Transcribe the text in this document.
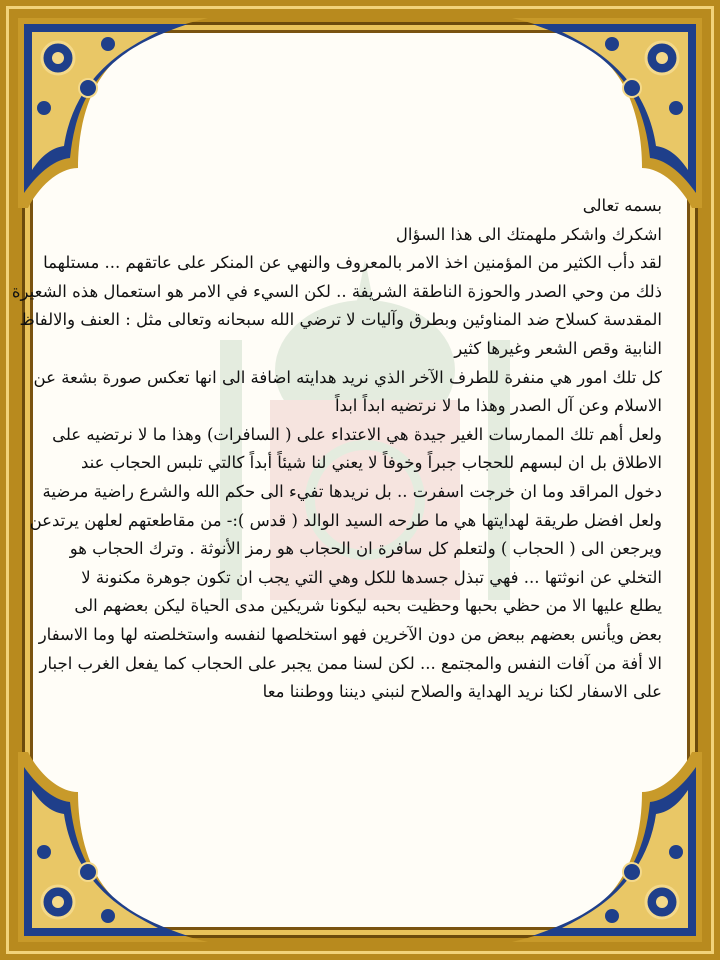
بسمه تعالى

اشكرك واشكر ملهمتك الى هذا السؤال

لقد دأب الكثير من المؤمنين اخذ الامر بالمعروف والنهي عن المنكر على عاتقهم ... مستلهما

ذلك من وحي الصدر والحوزة الناطقة الشريفة .. لكن السيء في الامر هو استعمال هذه الشعيرة

المقدسة كسلاح ضد المناوئين وبطرق وآليات لا ترضي الله سبحانه وتعالى مثل : العنف والالفاظ

النابية وقص الشعر وغيرها كثير

كل تلك امور هي منفرة للطرف الآخر الذي نريد هدايته اضافة الى انها تعكس صورة بشعة عن

الاسلام وعن آل الصدر وهذا ما لا نرتضيه ابداً ابداً

ولعل أهم تلك الممارسات الغير جيدة هي الاعتداء على ( السافرات) وهذا ما لا نرتضيه على

الاطلاق بل ان لبسهم للحجاب جبراً وخوفاً لا يعني لنا شيئاً أبداً كالتي تلبس الحجاب عند

دخول المراقد وما ان خرجت اسفرت .. بل نريدها تفيء الى حكم الله والشرع راضية مرضية

ولعل افضل طريقة لهدايتها هي ما طرحه السيد الوالد ( قدس ):- من مقاطعتهم لعلهن يرتدعن

ويرجعن الى ( الحجاب ) ولتعلم كل سافرة ان الحجاب هو رمز الأنوثة . وترك الحجاب هو

التخلي عن انوثتها ... فهي تبذل جسدها للكل وهي التي يجب ان تكون جوهرة مكنونة لا

يطلع عليها الا من حظي بحبها وحظيت بحبه ليكونا شريكين مدى الحياة ليكن بعضهم الى

بعض ويأنس بعضهم ببعض من دون الآخرين فهو استخلصها لنفسه واستخلصته لها وما الاسفار

الا أفة من آفات النفس والمجتمع ... لكن لسنا ممن يجبر على الحجاب كما يفعل الغرب اجبار

على الاسفار لكنا نريد الهداية والصلاح لنبني ديننا ووطننا معا
